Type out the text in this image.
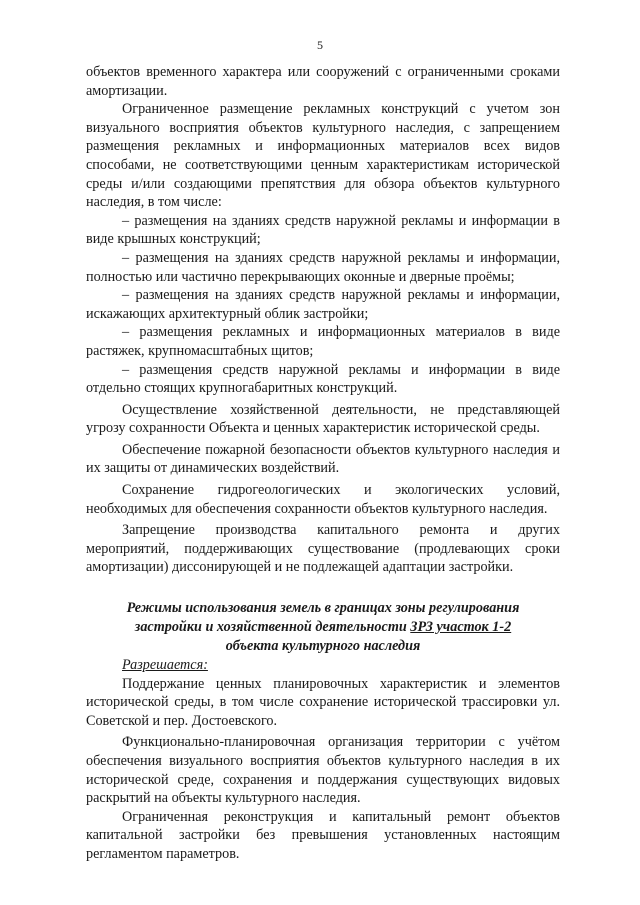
5

объектов временного характера или сооружений с ограниченными сроками амортизации.

Ограниченное размещение рекламных конструкций с учетом зон визуального восприятия объектов культурного наследия, с запрещением размещения рекламных и информационных материалов всех видов способами, не соответствующими ценным характеристикам исторической среды и/или создающими препятствия для обзора объектов культурного наследия, в том числе:

– размещения на зданиях средств наружной рекламы и информации в виде крышных конструкций;

– размещения на зданиях средств наружной рекламы и информации, полностью или частично перекрывающих оконные и дверные проёмы;

– размещения на зданиях средств наружной рекламы и информации, искажающих архитектурный облик застройки;

– размещения рекламных и информационных материалов в виде растяжек, крупномасштабных щитов;

– размещения средств наружной рекламы и информации в виде отдельно стоящих крупногабаритных конструкций.

Осуществление хозяйственной деятельности, не представляющей угрозу сохранности Объекта и ценных характеристик исторической среды.

Обеспечение пожарной безопасности объектов культурного наследия и их защиты от динамических воздействий.

Сохранение гидрогеологических и экологических условий, необходимых для обеспечения сохранности объектов культурного наследия.

Запрещение производства капитального ремонта и других мероприятий, поддерживающих существование (продлевающих сроки амортизации) диссонирующей и не подлежащей адаптации застройки.

Режимы использования земель в границах зоны регулирования
застройки и хозяйственной деятельности ЗРЗ участок 1-2
объекта культурного наследия

Разрешается:

Поддержание ценных планировочных характеристик и элементов исторической среды, в том числе сохранение исторической трассировки ул. Советской и пер. Достоевского.

Функционально-планировочная организация территории с учётом обеспечения визуального восприятия объектов культурного наследия в их исторической среде, сохранения и поддержания существующих видовых раскрытий на объекты культурного наследия.

Ограниченная реконструкция и капитальный ремонт объектов капитальной застройки без превышения установленных настоящим регламентом параметров.
